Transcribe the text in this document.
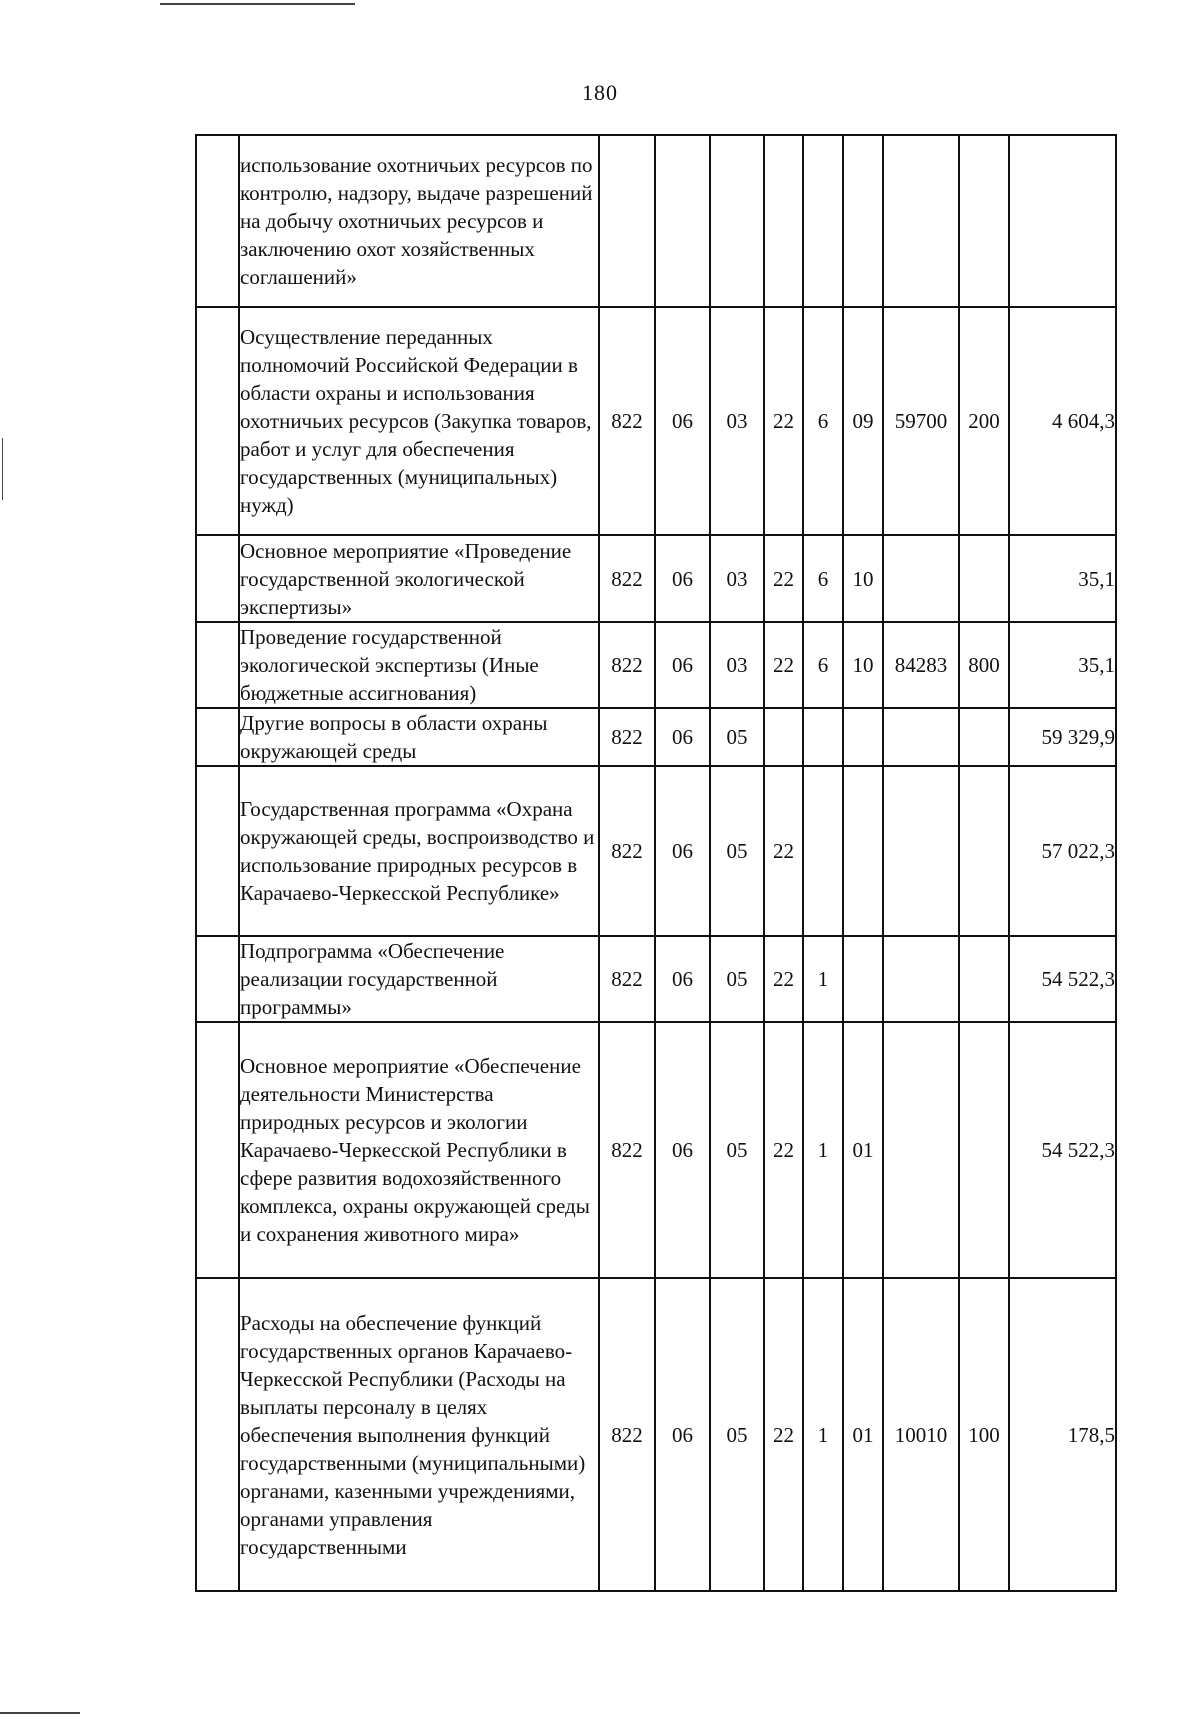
180
	использование охотничьих ресурсов по контролю, надзору, выдаче разрешений на добычу охотничьих ресурсов и заключению охот хозяйственных соглашений»									
	Осуществление переданных полномочий Российской Федерации в области охраны и использования охотничьих ресурсов (Закупка товаров, работ и услуг для обеспечения государственных (муниципальных) нужд)	822	06	03	22	6	09	59700	200	4 604,3
	Основное мероприятие «Проведение государственной экологической экспертизы»	822	06	03	22	6	10			35,1
	Проведение государственной экологической экспертизы (Иные бюджетные ассигнования)	822	06	03	22	6	10	84283	800	35,1
	Другие вопросы в области охраны окружающей среды	822	06	05						59 329,9
	Государственная программа «Охрана окружающей среды, воспроизводство и использование природных ресурсов в Карачаево-Черкесской Республике»	822	06	05	22					57 022,3
	Подпрограмма «Обеспечение реализации государственной программы»	822	06	05	22	1				54 522,3
	Основное мероприятие «Обеспечение деятельности Министерства природных ресурсов и экологии Карачаево-Черкесской Республики в сфере развития водохозяйственного комплекса, охраны окружающей среды и сохранения животного мира»	822	06	05	22	1	01			54 522,3
	Расходы на обеспечение функций государственных органов Карачаево-Черкесской Республики (Расходы на выплаты персоналу в целях обеспечения выполнения функций государственными (муниципальными) органами, казенными учреждениями, органами управления государственными	822	06	05	22	1	01	10010	100	178,5
